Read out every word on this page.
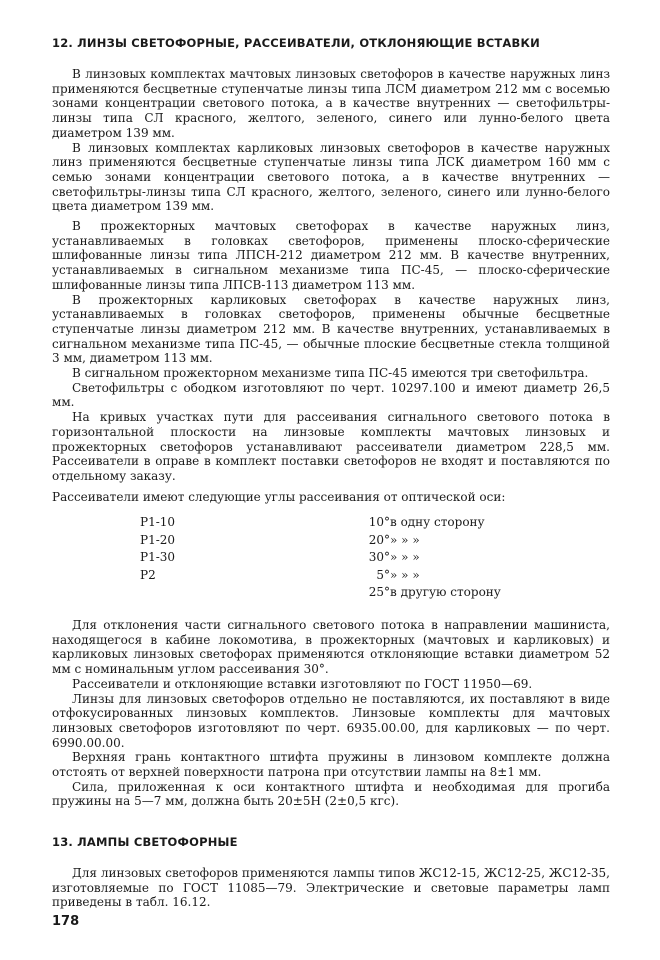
12. ЛИНЗЫ СВЕТОФОРНЫЕ, РАССЕИВАТЕЛИ, ОТКЛОНЯЮЩИЕ ВСТАВКИ

В линзовых комплектах мачтовых линзовых светофоров в качестве наружных линз применяются бесцветные ступенчатые линзы типа ЛСМ диаметром 212 мм с восемью зонами концентрации светового потока, а в качестве внутренних — светофильтры-линзы типа СЛ красного, желтого, зеленого, синего или лунно-белого цвета диаметром 139 мм.

В линзовых комплектах карликовых линзовых светофоров в качестве наружных линз применяются бесцветные ступенчатые линзы типа ЛСК диаметром 160 мм с семью зонами концентрации светового потока, а в качестве внутренних — светофильтры-линзы типа СЛ красного, желтого, зеленого, синего или лунно-белого цвета диаметром 139 мм.

В прожекторных мачтовых светофорах в качестве наружных линз, устанавливаемых в головках светофоров, применены плоско-сферические шлифованные линзы типа ЛПСН-212 диаметром 212 мм. В качестве внутренних, устанавливаемых в сигнальном механизме типа ПС-45, — плоско-сферические шлифованные линзы типа ЛПСВ-113 диаметром 113 мм.

В прожекторных карликовых светофорах в качестве наружных линз, устанавливаемых в головках светофоров, применены обычные бесцветные ступенчатые линзы диаметром 212 мм. В качестве внутренних, устанавливаемых в сигнальном механизме типа ПС-45, — обычные плоские бесцветные стекла толщиной 3 мм, диаметром 113 мм.

В сигнальном прожекторном механизме типа ПС-45 имеются три светофильтра.

Светофильтры с ободком изготовляют по черт. 10297.100 и имеют диаметр 26,5 мм.

На кривых участках пути для рассеивания сигнального светового потока в горизонтальной плоскости на линзовые комплекты мачтовых линзовых и прожекторных светофоров устанавливают рассеиватели диаметром 228,5 мм. Рассеиватели в оправе в комплект поставки светофоров не входят и поставляются по отдельному заказу.

Рассеиватели имеют следующие углы рассеивания от оптической оси:
Р1-10	10°	в одну сторону
Р1-20	20°	» » »
Р1-30	30°	» » »
Р2	5°	» » »
	25°	в другую сторону

Для отклонения части сигнального светового потока в направлении машиниста, находящегося в кабине локомотива, в прожекторных (мачтовых и карликовых) и карликовых линзовых светофорах применяются отклоняющие вставки диаметром 52 мм с номинальным углом рассеивания 30°.

Рассеиватели и отклоняющие вставки изготовляют по ГОСТ 11950—69.

Линзы для линзовых светофоров отдельно не поставляются, их поставляют в виде отфокусированных линзовых комплектов. Линзовые комплекты для мачтовых линзовых светофоров изготовляют по черт. 6935.00.00, для карликовых — по черт. 6990.00.00.

Верхняя грань контактного штифта пружины в линзовом комплекте должна отстоять от верхней поверхности патрона при отсутствии лампы на 8±1 мм.

Сила, приложенная к оси контактного штифта и необходимая для прогиба пружины на 5—7 мм, должна быть 20±5Н (2±0,5 кгс).

13. ЛАМПЫ СВЕТОФОРНЫЕ

Для линзовых светофоров применяются лампы типов ЖС12-15, ЖС12-25, ЖС12-35, изготовляемые по ГОСТ 11085—79. Электрические и световые параметры ламп приведены в табл. 16.12.

178
